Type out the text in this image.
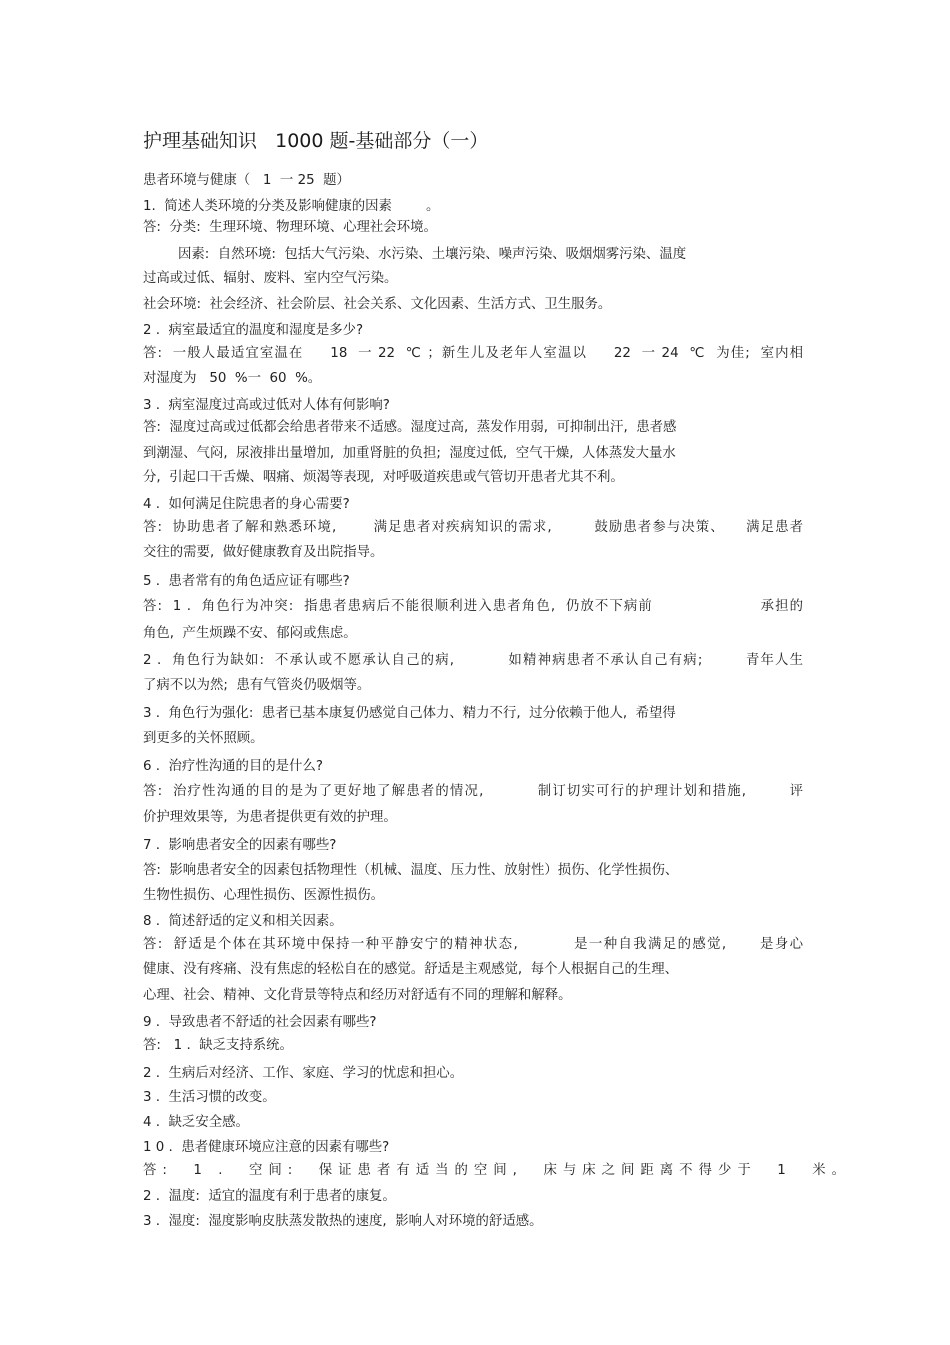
护理基础知识   1000 题-基础部分（一）
患者环境与健康（   1  一 25  题）
1.  简述人类环境的分类及影响健康的因素        。
答:  分类:  生理环境、物理环境、心理社会环境。
因素:  自然环境:  包括大气污染、水污染、土壤污染、噪声污染、吸烟烟雾污染、温度
过高或过低、辐射、废料、室内空气污染。
社会环境:  社会经济、社会阶层、社会关系、文化因素、生活方式、卫生服务。
2 .  病室最适宜的温度和湿度是多少?
答:  一般人最适宜室温在     18  一 22  ℃ ；新生儿及老年人室温以     22  一 24  ℃  为佳;  室内相
对湿度为   50  %一  60  %。
3 .  病室湿度过高或过低对人体有何影响?
答:  湿度过高或过低都会给患者带来不适感。湿度过高,  蒸发作用弱,  可抑制出汗,  患者感
到潮湿、气闷,  尿液排出量增加,  加重肾脏的负担;  湿度过低,  空气干燥,  人体蒸发大量水
分,  引起口干舌燥、咽痛、烦渴等表现,  对呼吸道疾患或气管切开患者尤其不利。
4 .  如何满足住院患者的身心需要?
答:  协助患者了解和熟悉环境,       满足患者对疾病知识的需求,        鼓励患者参与决策、    满足患者
交往的需要,  做好健康教育及出院指导。
5 .  患者常有的角色适应证有哪些?
答:  1 .  角色行为冲突:  指患者患病后不能很顺利进入患者角色,  仍放不下病前                    承担的
角色,  产生烦躁不安、郁闷或焦虑。
2 .  角色行为缺如:  不承认或不愿承认自己的病,          如精神病患者不承认自己有病;        青年人生
了病不以为然;  患有气管炎仍吸烟等。
3 .  角色行为强化:  患者已基本康复仍感觉自己体力、精力不行,  过分依赖于他人,  希望得
到更多的关怀照顾。
6 .  治疗性沟通的目的是什么?
答:  治疗性沟通的目的是为了更好地了解患者的情况,          制订切实可行的护理计划和措施,        评
价护理效果等,  为患者提供更有效的护理。
7 .  影响患者安全的因素有哪些?
答:  影响患者安全的因素包括物理性（机械、温度、压力性、放射性）损伤、化学性损伤、
生物性损伤、心理性损伤、医源性损伤。
8 .  简述舒适的定义和相关因素。
答:  舒适是个体在其环境中保持一种平静安宁的精神状态,          是一种自我满足的感觉,      是身心
健康、没有疼痛、没有焦虑的轻松自在的感觉。舒适是主观感觉,  每个人根据自己的生理、
心理、社会、精神、文化背景等特点和经历对舒适有不同的理解和解释。
9 .  导致患者不舒适的社会因素有哪些?
答:   1 .  缺乏支持系统。
2 .  生病后对经济、工作、家庭、学习的忧虑和担心。
3 .  生活习惯的改变。
4 .  缺乏安全感。
1 0 .  患者健康环境应注意的因素有哪些?
答:  1 .  空间:  保证患者有适当的空间,  床与床之间距离不得少于  1  米。
2 .  温度:  适宜的温度有利于患者的康复。
3 .  湿度:  湿度影响皮肤蒸发散热的速度,  影响人对环境的舒适感。
